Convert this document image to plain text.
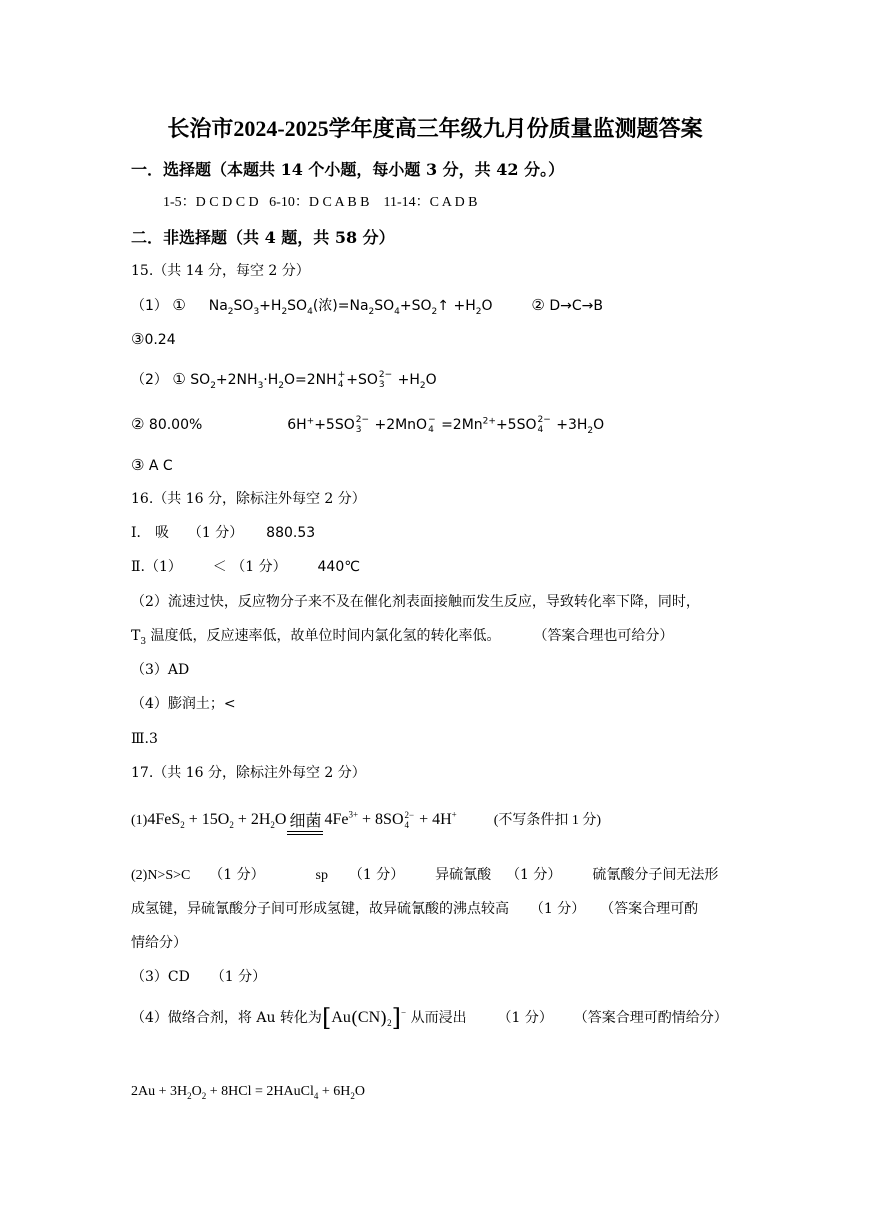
长治市2024-2025学年度高三年级九月份质量监测题答案
一．选择题（本题共 14 个小题，每小题 3 分，共 42 分。）
1-5：D C D C D   6-10：D C A B B    11-14：C A D B
二．非选择题（共 4 题，共 58 分）
15.（共 14 分，每空 2 分）
（1） ① $Na_2SO_3+H_2SO_4$(浓)$=Na_2SO_4+SO_2↑ +H_2O$	② D→C→B
③0.24
（2） ① $SO_2+2NH_3\cdot H_2O=2NH$ +
4 +SO 2−
$3 +H_2O$
② 80.00%	6H++5SO 2−
3 +2MnO −
$4 =2Mn^{2+}+5SO$ 2−
$4 +3H_2O$
③ A C
16.（共 16 分，除标注外每空 2 分）
Ⅰ． 吸 （1 分） 880.53
Ⅱ.（1） ＜ （1 分） 440℃
（2）流速过快，反应物分子来不及在催化剂表面接触而发生反应，导致转化率下降，同时，
$T_3$ 温度低，反应速率低，故单位时间内氯化氢的转化率低。 （答案合理也可给分）
（3）AD
（4）膨润土；<
Ⅲ.3
17.（共 16 分，除标注外每空 2 分）
$(1)4FeS_2 + 15O_2 + 2H_2O$ 细菌 $4Fe^{3+} + 8SO$ 2−
4 + 4H+	(不写条件扣 1 分)
(2)N>S>C （1 分）	sp （1 分） 异硫氰酸 （1 分） 硫氰酸分子间无法形
成氢键，异硫氰酸分子间可形成氢键，故异硫氰酸的沸点较高 （1 分） （答案合理可酌
情给分）
（3）CD （1 分）
（4）做络合剂，将 Au 转化为$[Au(CN)_2]^-$ 从而浸出 （1 分） （答案合理可酌情给分）
$2Au + 3H_2O_2 + 8HCl$ = 2HAuCl$_4$ + $6H_2O$
